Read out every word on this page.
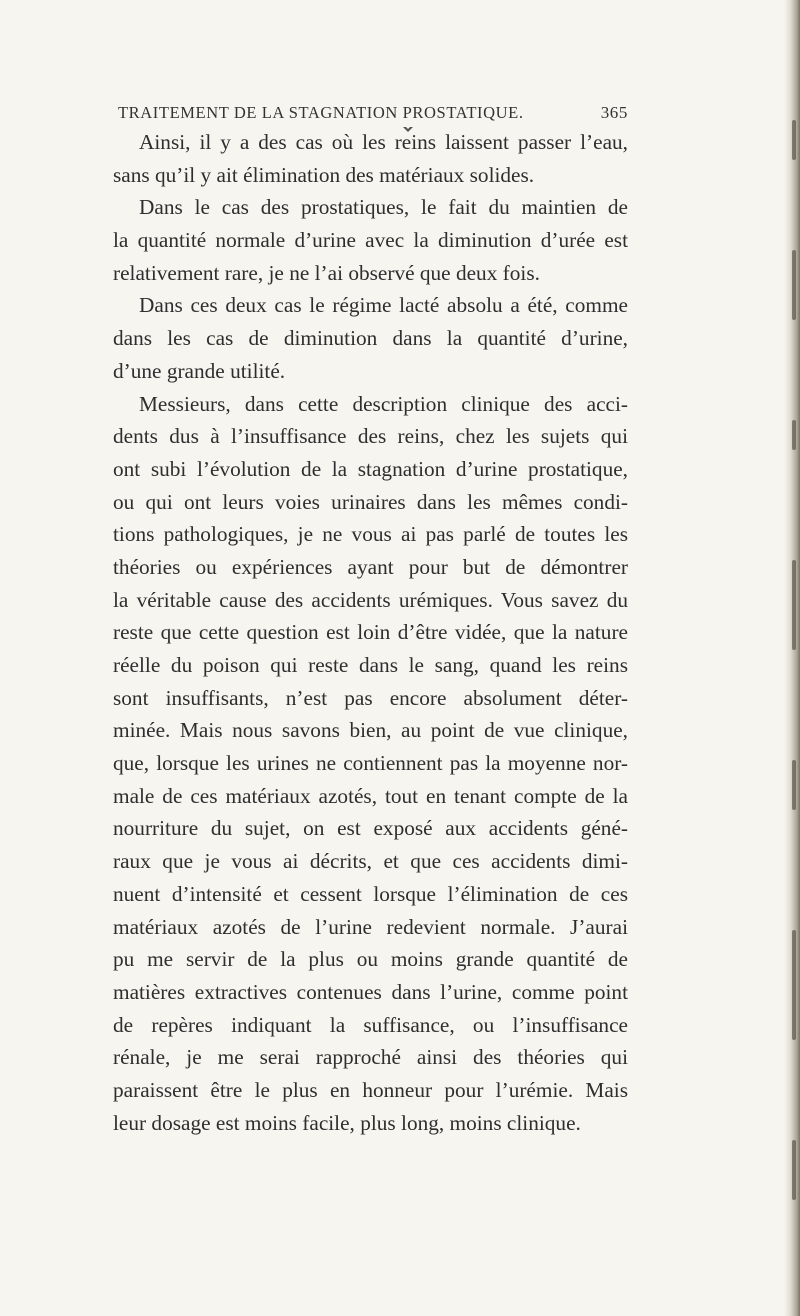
TRAITEMENT DE LA STAGNATION PROSTATIQUE.	365
Ainsi, il y a des cas où les reins laissent passer l’eau,
sans qu’il y ait élimination des matériaux solides.
Dans le cas des prostatiques, le fait du maintien de
la quantité normale d’urine avec la diminution d’urée est
relativement rare, je ne l’ai observé que deux fois.
Dans ces deux cas le régime lacté absolu a été, comme
dans les cas de diminution dans la quantité d’urine,
d’une grande utilité.
Messieurs, dans cette description clinique des acci-
dents dus à l’insuffisance des reins, chez les sujets qui
ont subi l’évolution de la stagnation d’urine prostatique,
ou qui ont leurs voies urinaires dans les mêmes condi-
tions pathologiques, je ne vous ai pas parlé de toutes les
théories ou expériences ayant pour but de démontrer
la véritable cause des accidents urémiques. Vous savez du
reste que cette question est loin d’être vidée, que la nature
réelle du poison qui reste dans le sang, quand les reins
sont insuffisants, n’est pas encore absolument déter-
minée. Mais nous savons bien, au point de vue clinique,
que, lorsque les urines ne contiennent pas la moyenne nor-
male de ces matériaux azotés, tout en tenant compte de la
nourriture du sujet, on est exposé aux accidents géné-
raux que je vous ai décrits, et que ces accidents dimi-
nuent d’intensité et cessent lorsque l’élimination de ces
matériaux azotés de l’urine redevient normale. J’aurai
pu me servir de la plus ou moins grande quantité de
matières extractives contenues dans l’urine, comme point
de repères indiquant la suffisance, ou l’insuffisance
rénale, je me serai rapproché ainsi des théories qui
paraissent être le plus en honneur pour l’urémie. Mais
leur dosage est moins facile, plus long, moins clinique.
